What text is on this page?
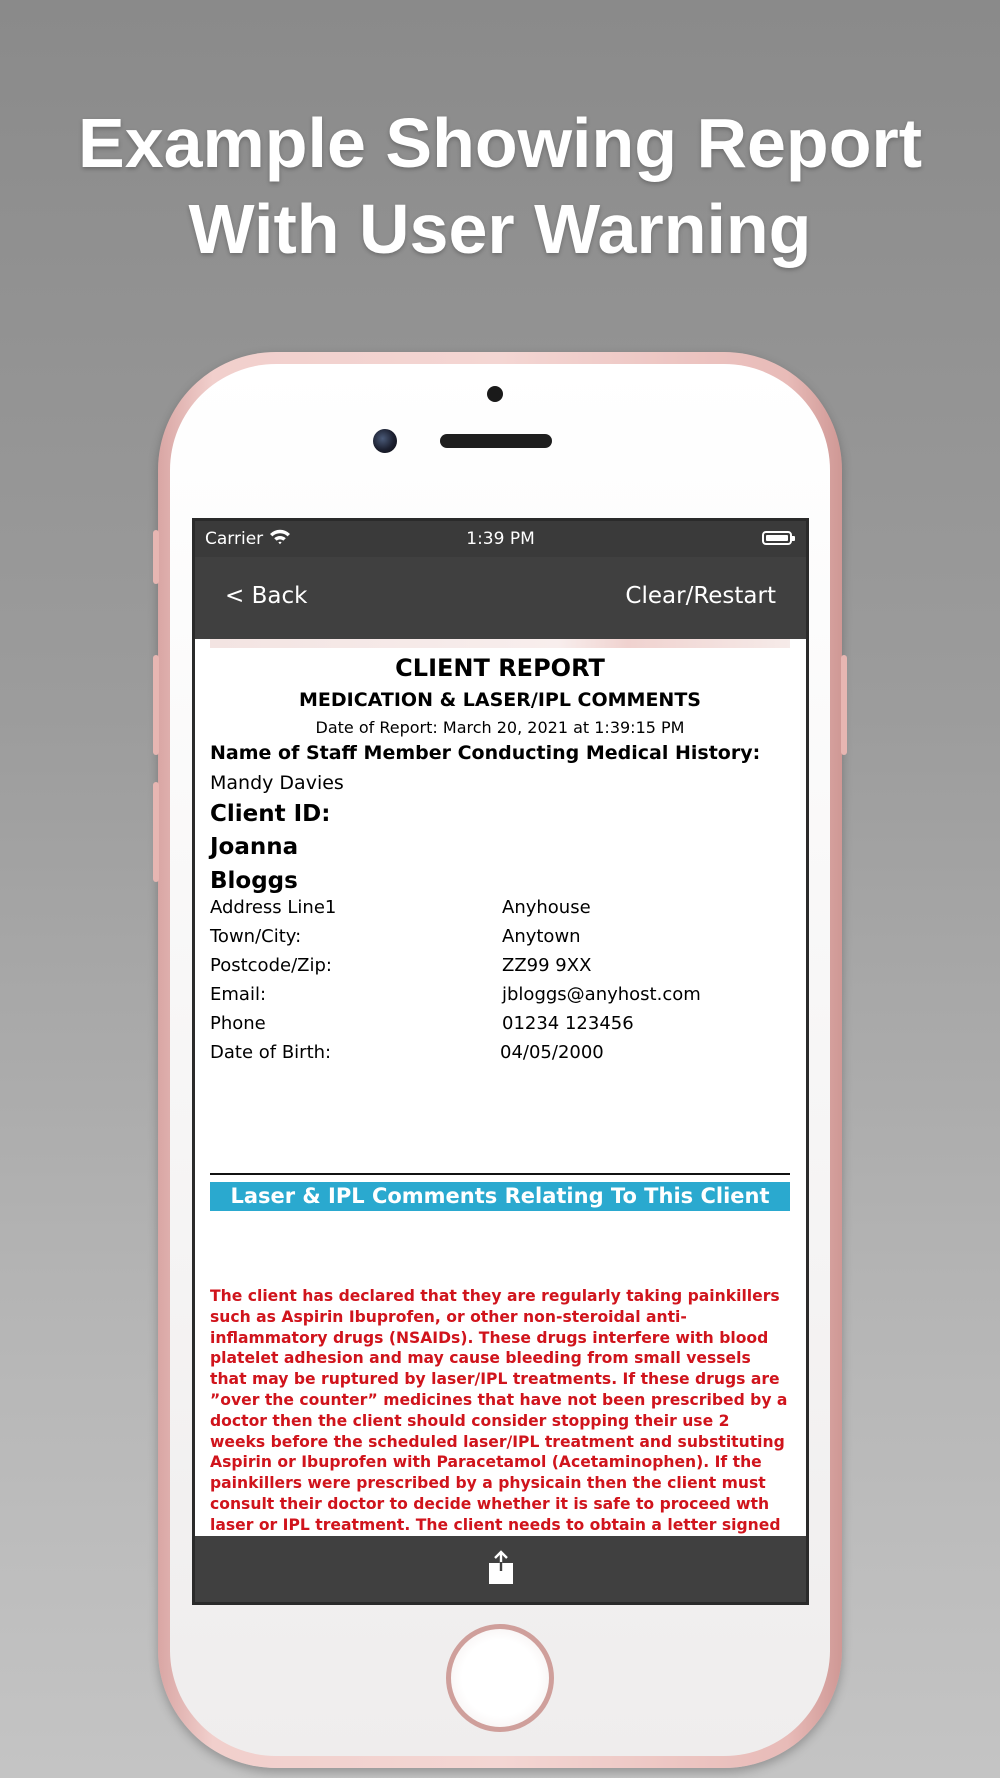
Example Showing Report
With User Warning
Carrier	1:39 PM
< Back	Clear/Restart
CLIENT REPORT
MEDICATION & LASER/IPL COMMENTS
Date of Report: March 20, 2021 at 1:39:15 PM
Name of Staff Member Conducting Medical History:
Mandy Davies
Client ID:
Joanna
Bloggs
Address Line1	Anyhouse
Town/City:	Anytown
Postcode/Zip:	ZZ99 9XX
Email:	jbloggs@anyhost.com
Phone	01234 123456
Date of Birth:	04/05/2000
Laser & IPL Comments Relating To This Client
The client has declared that they are regularly taking painkillers such as Aspirin Ibuprofen, or other non-steroidal anti-inflammatory drugs (NSAIDs). These drugs interfere with blood platelet adhesion and may cause bleeding from small vessels that may be ruptured by laser/IPL treatments. If these drugs are ”over the counter” medicines that have not been prescribed by a doctor then the client should consider stopping their use 2 weeks before the scheduled laser/IPL treatment and substituting Aspirin or Ibuprofen with Paracetamol (Acetaminophen). If the painkillers were prescribed by a physicain then the client must consult their doctor to decide whether it is safe to proceed wth laser or IPL treatment. The client needs to obtain a letter signed
